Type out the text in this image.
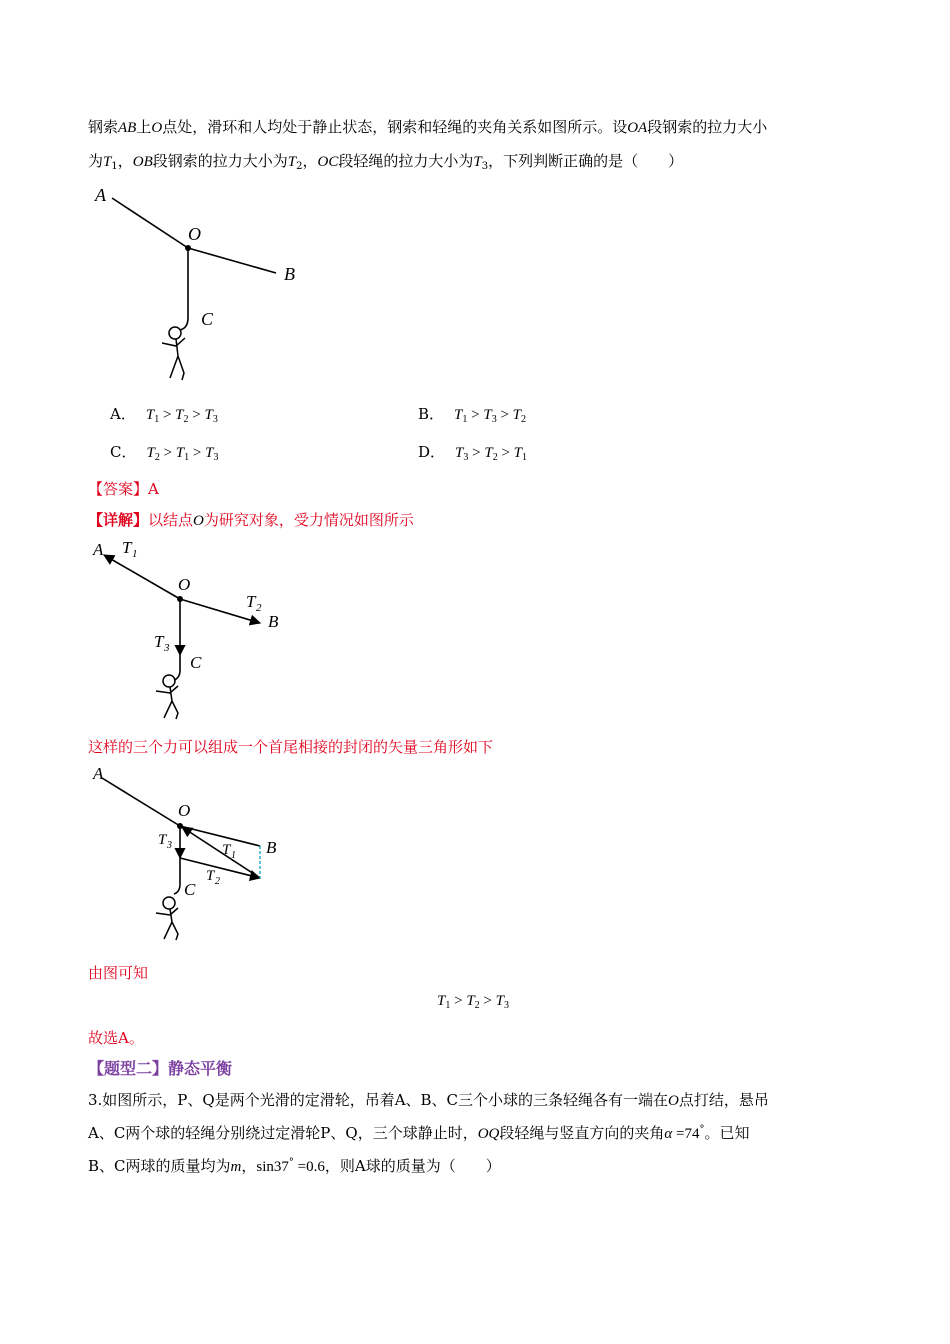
钢索AB上O点处，滑环和人均处于静止状态，钢索和轻绳的夹角关系如图所示。设OA段钢索的拉力大小
为$T_1$，OB段钢索的拉力大小为$T_2$，OC段轻绳的拉力大小为$T_3$，下列判断正确的是（　　）
A
O
B
C
A． $T_1 > T_2 > T_3$	B． $T_1 > T_3 > T_2$
C． $T_2 > T_1 > T_3$	D． $T_3 > T_2 > T_1$
【答案】A
【详解】以结点O为研究对象，受力情况如图所示
A T 1
O
T 2
B
T 3
C
这样的三个力可以组成一个首尾相接的封闭的矢量三角形如下
A
O
T 3	T 1 B
T 2
C
由图可知
$T_1 > T_2 > T_3$
故选A。
【题型二】静态平衡
3.如图所示，P、Q是两个光滑的定滑轮，吊着A、B、C三个小球的三条轻绳各有一端在O点打结，悬吊
A、C两个球的轻绳分别绕过定滑轮P、Q，三个球静止时，OQ段轻绳与竖直方向的夹角α =74°。已知
B、C两球的质量均为m，sin37° =0.6，则A球的质量为（　　）
